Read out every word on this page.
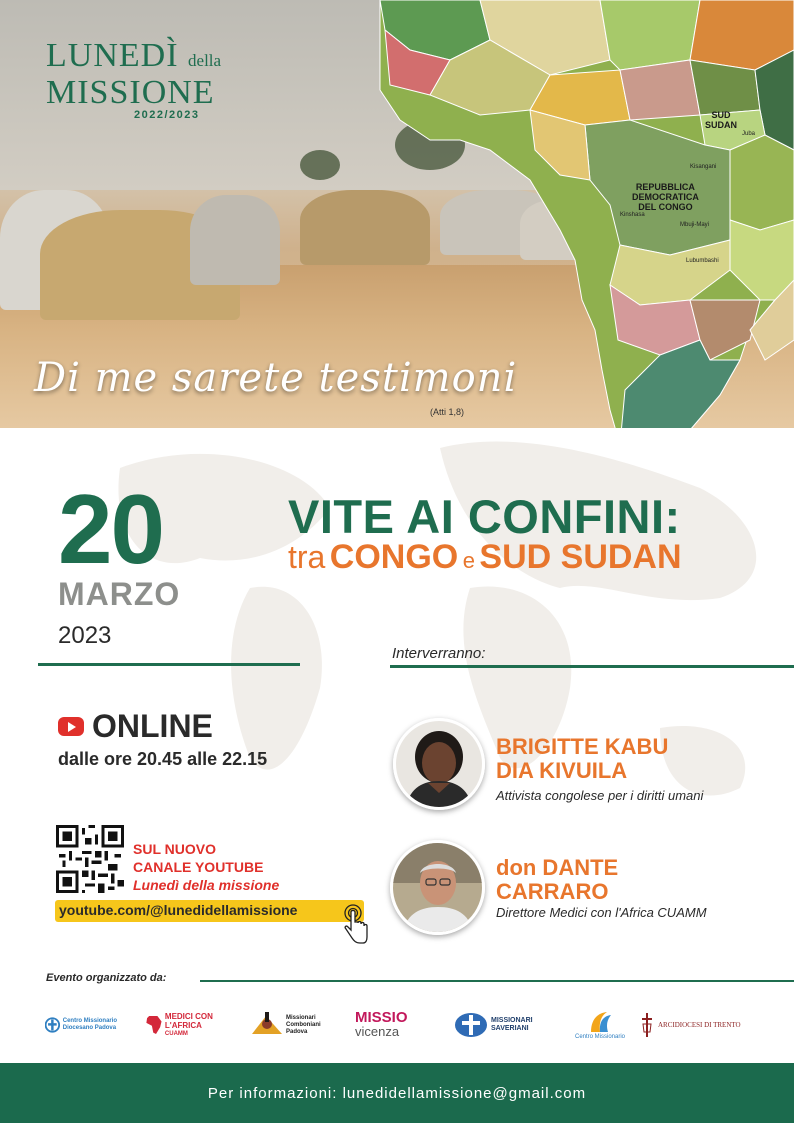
SUD
SUDAN
REPUBBLICA
DEMOCRATICA
DEL CONGO
Juba
Kisangani
Kinshasa
Mbuji-Mayi
Lubumbashi
LUNEDÌ della
MISSIONE
2022/2023
Di me sarete testimoni
(Atti 1,8)
20
MARZO
2023
VITE AI CONFINI:
tra CONGO e SUD SUDAN
Interverranno:
ONLINE
dalle ore 20.45 alle 22.15
SUL NUOVO
CANALE YOUTUBE
Lunedì della missione
youtube.com/@lunedidellamissione
BRIGITTE KABU
DIA KIVUILA
Attivista congolese per i diritti umani
don DANTE
CARRARO
Direttore Medici con l'Africa CUAMM
Evento organizzato da:
Centro Missionario Diocesano Padova
MEDICI CON L'AFRICA
CUAMM
Missionari Comboniani Padova
MISSIO
vicenza
MISSIONARI
SAVERIANI
Centro Missionario
ARCIDIOCESI DI TRENTO
Per informazioni: lunedidellamissione@gmail.com
